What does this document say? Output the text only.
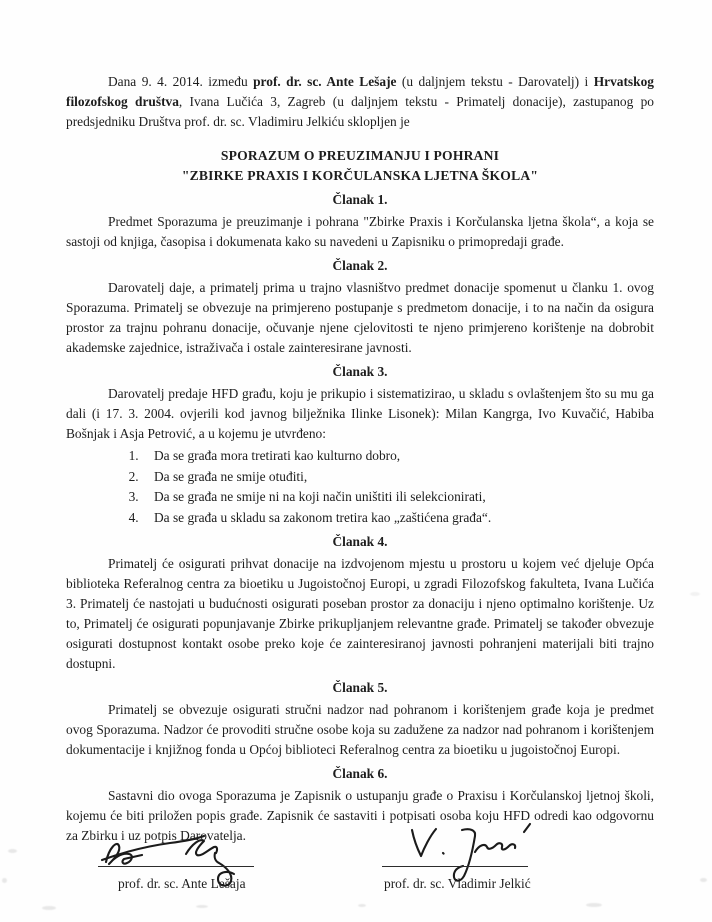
Dana 9. 4. 2014. između prof. dr. sc. Ante Lešaje (u daljnjem tekstu - Darovatelj) i Hrvatskog filozofskog društva, Ivana Lučića 3, Zagreb (u daljnjem tekstu - Primatelj donacije), zastupanog po predsjedniku Društva prof. dr. sc. Vladimiru Jelkiću sklopljen je

SPORAZUM O PREUZIMANJU I POHRANI
"ZBIRKE PRAXIS I KORČULANSKA LJETNA ŠKOLA"
Članak 1.

Predmet Sporazuma je preuzimanje i pohrana "Zbirke Praxis i Korčulanska ljetna škola“, a koja se sastoji od knjiga, časopisa i dokumenata kako su navedeni u Zapisniku o primopredaji građe.

Članak 2.

Darovatelj daje, a primatelj prima u trajno vlasništvo predmet donacije spomenut u članku 1. ovog Sporazuma. Primatelj se obvezuje na primjereno postupanje s predmetom donacije, i to na način da osigura prostor za trajnu pohranu donacije, očuvanje njene cjelovitosti te njeno primjereno korištenje na dobrobit akademske zajednice, istraživača i ostale zainteresirane javnosti.

Članak 3.

Darovatelj predaje HFD građu, koju je prikupio i sistematizirao, u skladu s ovlaštenjem što su mu ga dali (i 17. 3. 2004. ovjerili kod javnog bilježnika Ilinke Lisonek): Milan Kangrga, Ivo Kuvačić, Habiba Bošnjak i Asja Petrović, a u kojemu je utvrđeno:

1. Da se građa mora tretirati kao kulturno dobro,
2. Da se građa ne smije otuđiti,
3. Da se građa ne smije ni na koji način uništiti ili selekcionirati,
4. Da se građa u skladu sa zakonom tretira kao „zaštićena građa“.
Članak 4.

Primatelj će osigurati prihvat donacije na izdvojenom mjestu u prostoru u kojem već djeluje Opća biblioteka Referalnog centra za bioetiku u Jugoistočnoj Europi, u zgradi Filozofskog fakulteta, Ivana Lučića 3. Primatelj će nastojati u budućnosti osigurati poseban prostor za donaciju i njeno optimalno korištenje. Uz to, Primatelj će osigurati popunjavanje Zbirke prikupljanjem relevantne građe. Primatelj se također obvezuje osigurati dostupnost kontakt osobe preko koje će zainteresiranoj javnosti pohranjeni materijali biti trajno dostupni.

Članak 5.

Primatelj se obvezuje osigurati stručni nadzor nad pohranom i korištenjem građe koja je predmet ovog Sporazuma. Nadzor će provoditi stručne osobe koja su zadužene za nadzor nad pohranom i korištenjem dokumentacije i knjižnog fonda u Općoj biblioteci Referalnog centra za bioetiku u jugoistočnoj Europi.

Članak 6.

Sastavni dio ovoga Sporazuma je Zapisnik o ustupanju građe o Praxisu i Korčulanskoj ljetnoj školi, kojemu će biti priložen popis građe. Zapisnik će sastaviti i potpisati osoba koju HFD odredi kao odgovornu za Zbirku i uz potpis Darovatelja.

prof. dr. sc. Ante Lešaja	prof. dr. sc. Vladimir Jelkić
